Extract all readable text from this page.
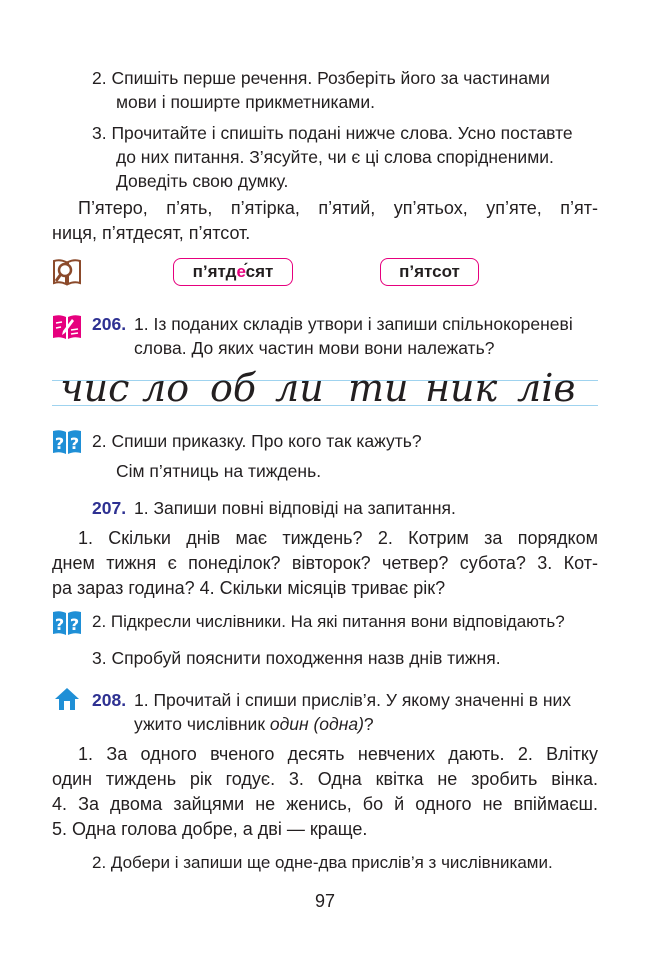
2. Спишіть перше речення. Розберіть його за частинами
мови і поширте прикметниками.
3. Прочитайте і спишіть подані нижче слова. Усно поставте
до них питання. З’ясуйте, чи є ці слова спорідненими.
Доведіть свою думку.
П’ятеро, п’ять, п’ятірка, п’ятий, уп’ятьох, уп’яте, п’ят-
ниця, п’ятдесят, п’ятсот.
п’ятдесят ́	п’ятсот
206. 1. Із поданих складів утвори і запиши спільнокореневі
слова. До яких частин мови вони належать?
чис ло об ли ти ник лів
? ? 2. Спиши приказку. Про кого так кажуть?
Сім п’ятниць на тиждень.
207. 1. Запиши повні відповіді на запитання.
1. Скільки днів має тиждень? 2. Котрим за порядком
днем тижня є понеділок? вівторок? четвер? субота? 3. Кот-
ра зараз година? 4. Скільки місяців триває рік?
? ? 2. Підкресли числівники. На які питання вони відповідають?
3. Спробуй пояснити походження назв днів тижня.
208. 1. Прочитай і спиши прислів’я. У якому значенні в них
ужито числівник один (одна)?
1. За одного вченого десять невчених дають. 2. Влітку
один тиждень рік годує. 3. Одна квітка не зробить вінка.
4. За двома зайцями не женись, бо й одного не впіймаєш.
5. Одна голова добре, а дві — краще.
2. Добери і запиши ще одне-два прислів’я з числівниками.
97
